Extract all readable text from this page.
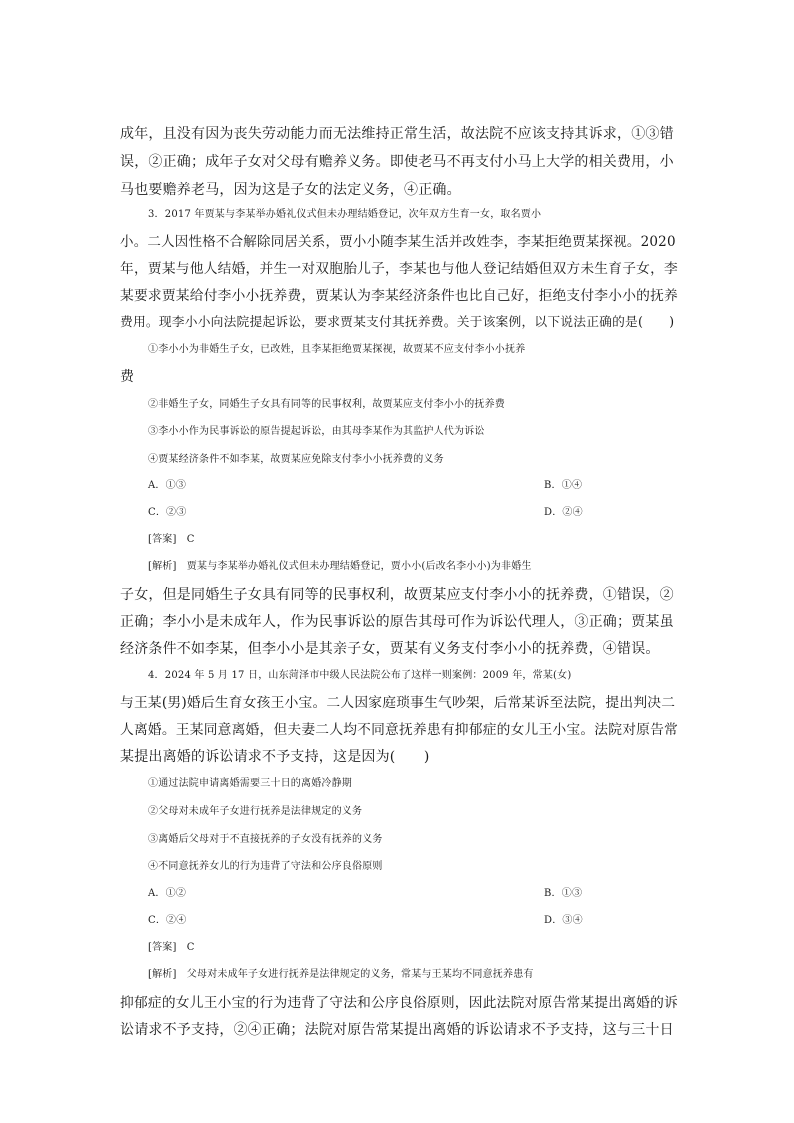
成年，且没有因为丧失劳动能力而无法维持正常生活，故法院不应该支持其诉求，①③错
误，②正确；成年子女对父母有赡养义务。即使老马不再支付小马上大学的相关费用，小
马也要赡养老马，因为这是子女的法定义务，④正确。
3．2017 年贾某与李某举办婚礼仪式但未办理结婚登记，次年双方生育一女，取名贾小
小。二人因性格不合解除同居关系，贾小小随李某生活并改姓李，李某拒绝贾某探视。2020
年，贾某与他人结婚，并生一对双胞胎儿子，李某也与他人登记结婚但双方未生育子女，李
某要求贾某给付李小小抚养费，贾某认为李某经济条件也比自己好，拒绝支付李小小的抚养
费用。现李小小向法院提起诉讼，要求贾某支付其抚养费。关于该案例，以下说法正确的是(　　)
①李小小为非婚生子女，已改姓，且李某拒绝贾某探视，故贾某不应支付李小小抚养
费
②非婚生子女，同婚生子女具有同等的民事权利，故贾某应支付李小小的抚养费
③李小小作为民事诉讼的原告提起诉讼，由其母李某作为其监护人代为诉讼
④贾某经济条件不如李某，故贾某应免除支付李小小抚养费的义务
A．①③	B．①④
C．②③	D．②④
[答案]　C
[解析]　贾某与李某举办婚礼仪式但未办理结婚登记，贾小小(后改名李小小)为非婚生
子女，但是同婚生子女具有同等的民事权利，故贾某应支付李小小的抚养费，①错误，②
正确；李小小是未成年人，作为民事诉讼的原告其母可作为诉讼代理人，③正确；贾某虽
经济条件不如李某，但李小小是其亲子女，贾某有义务支付李小小的抚养费，④错误。
4．2024 年 5 月 17 日，山东菏泽市中级人民法院公布了这样一则案例：2009 年，常某(女)
与王某(男)婚后生育女孩王小宝。二人因家庭琐事生气吵架，后常某诉至法院，提出判决二
人离婚。王某同意离婚，但夫妻二人均不同意抚养患有抑郁症的女儿王小宝。法院对原告常
某提出离婚的诉讼请求不予支持，这是因为(　　)
①通过法院申请离婚需要三十日的离婚冷静期
②父母对未成年子女进行抚养是法律规定的义务
③离婚后父母对于不直接抚养的子女没有抚养的义务
④不同意抚养女儿的行为违背了守法和公序良俗原则
A．①②	B．①③
C．②④	D．③④
[答案]　C
[解析]　父母对未成年子女进行抚养是法律规定的义务，常某与王某均不同意抚养患有
抑郁症的女儿王小宝的行为违背了守法和公序良俗原则，因此法院对原告常某提出离婚的诉
讼请求不予支持，②④正确；法院对原告常某提出离婚的诉讼请求不予支持，这与三十日
